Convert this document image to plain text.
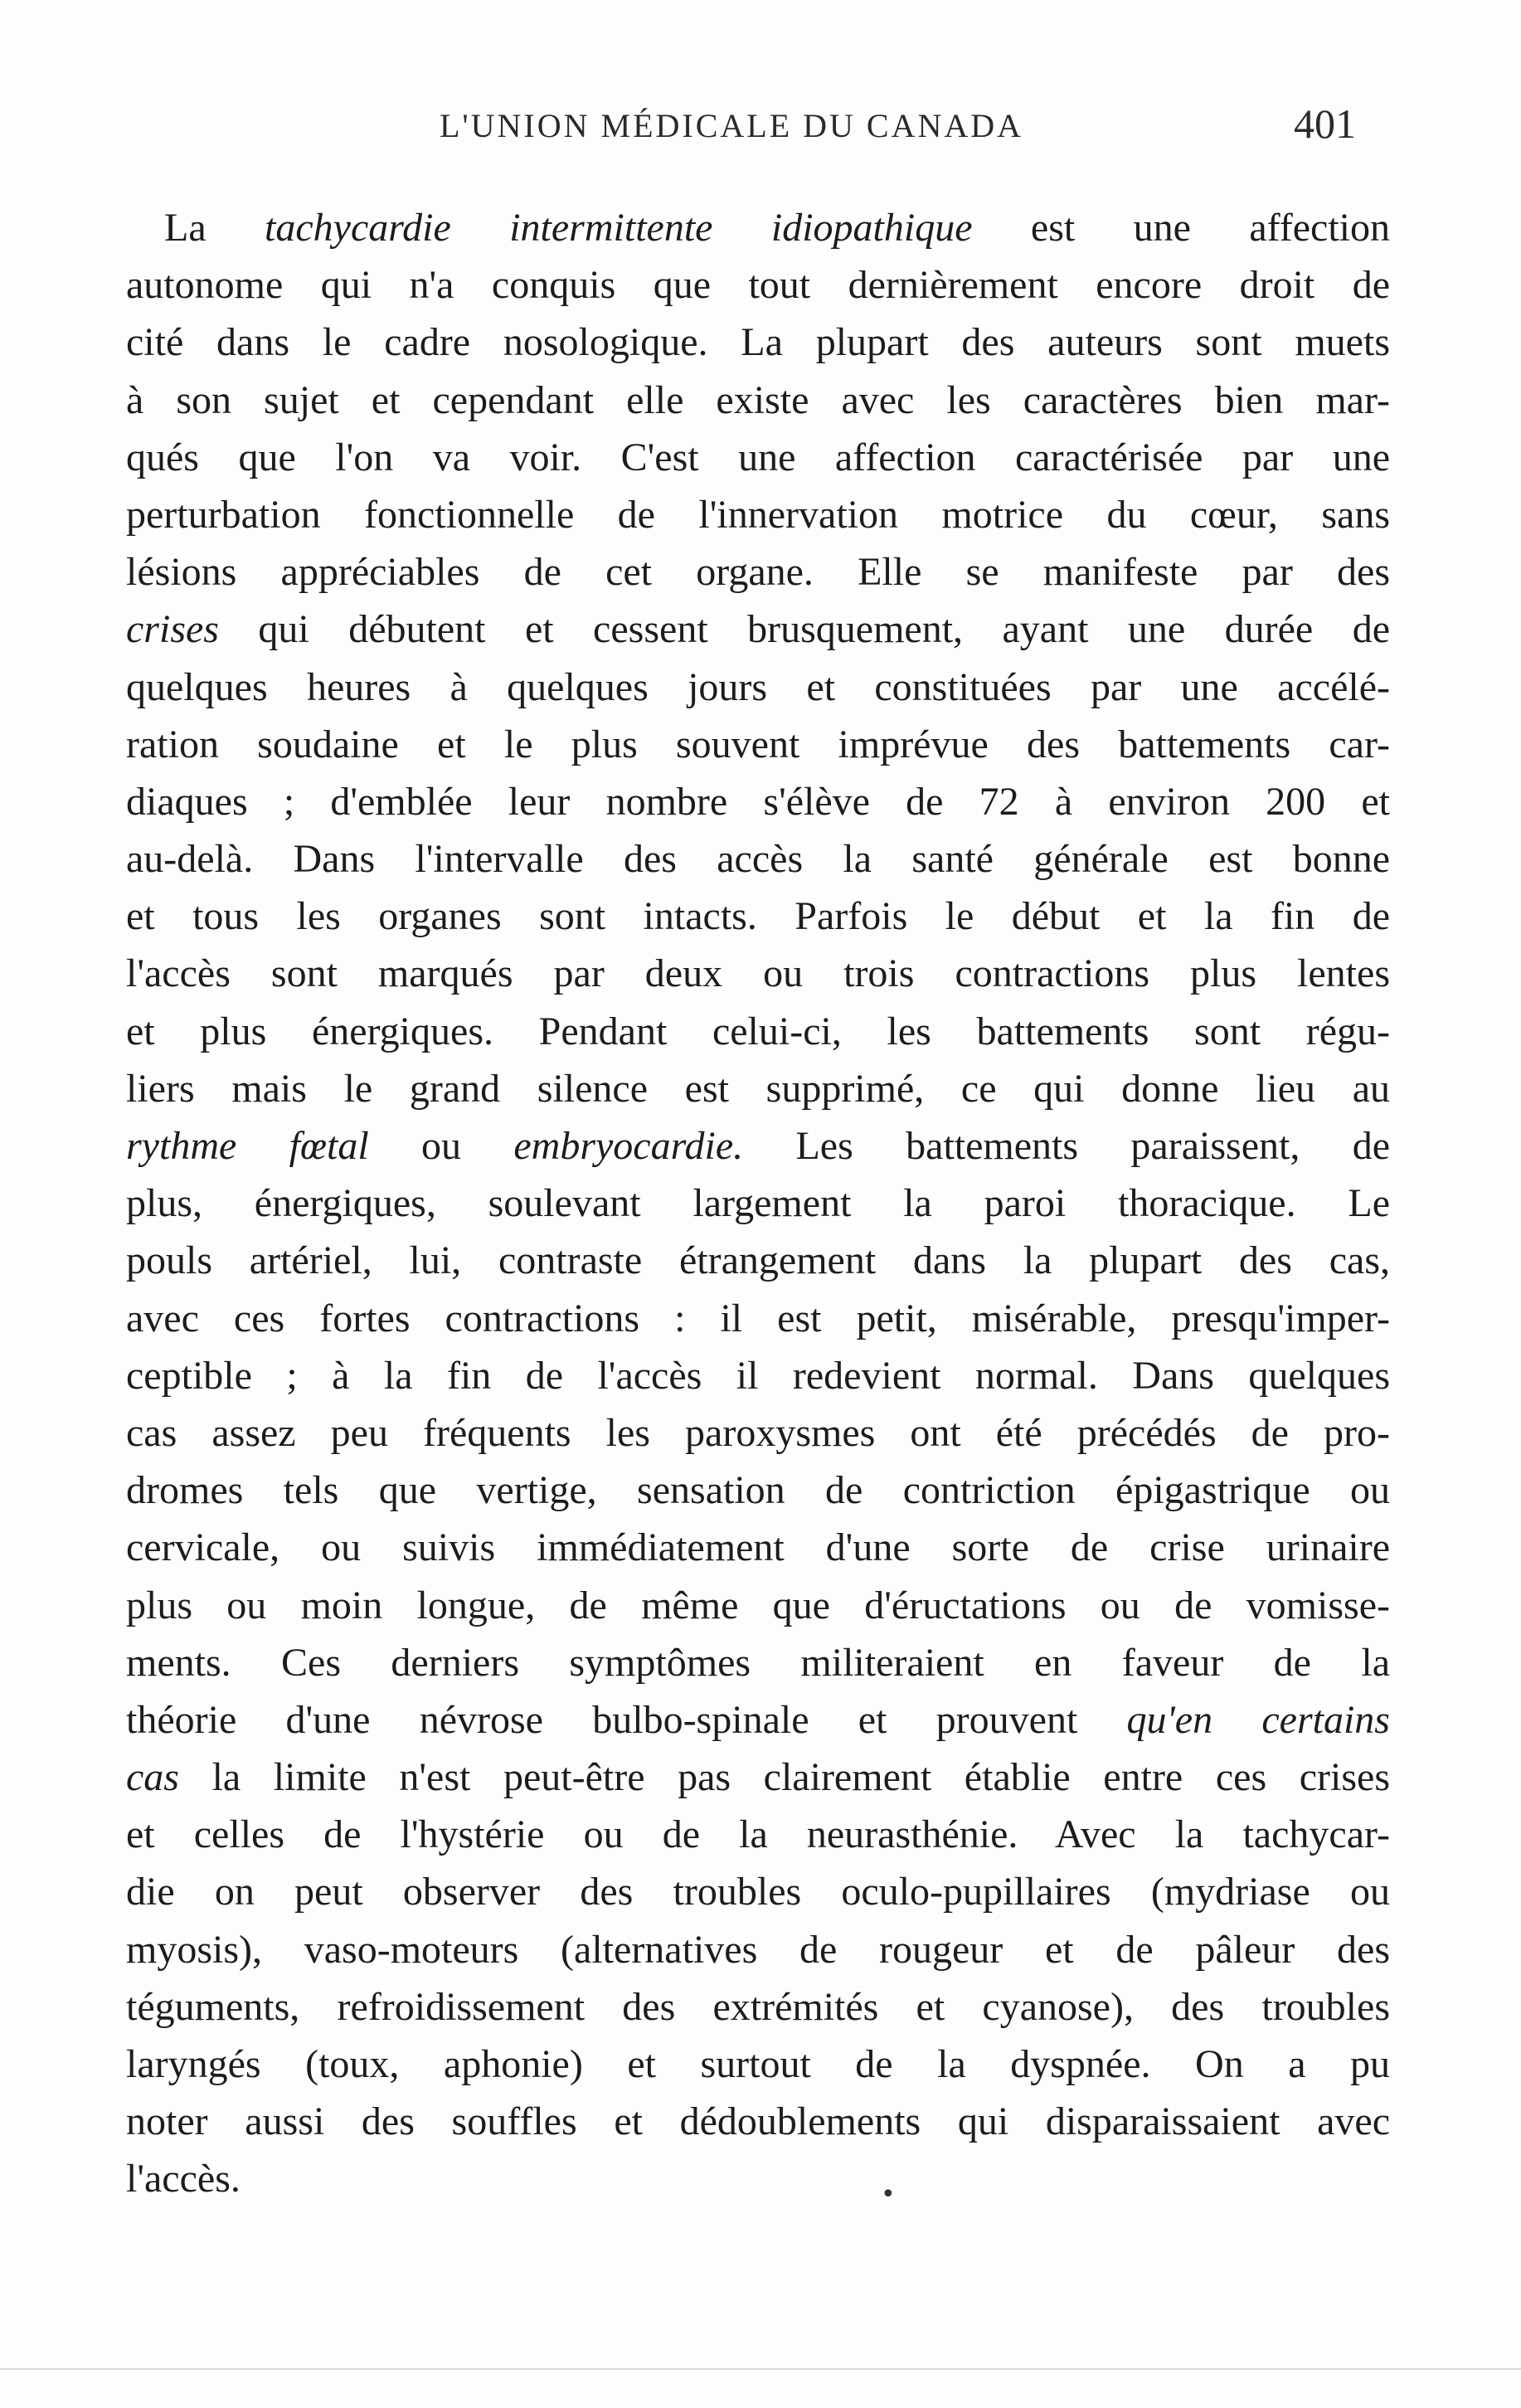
L'UNION MÉDICALE DU CANADA	401
La tachycardie intermittente idiopathique est une affection
autonome qui n'a conquis que tout dernièrement encore droit de
cité dans le cadre nosologique. La plupart des auteurs sont muets
à son sujet et cependant elle existe avec les caractères bien mar-
qués que l'on va voir. C'est une affection caractérisée par une
perturbation fonctionnelle de l'innervation motrice du cœur, sans
lésions appréciables de cet organe. Elle se manifeste par des
crises qui débutent et cessent brusquement, ayant une durée de
quelques heures à quelques jours et constituées par une accélé-
ration soudaine et le plus souvent imprévue des battements car-
diaques ; d'emblée leur nombre s'élève de 72 à environ 200 et
au-delà. Dans l'intervalle des accès la santé générale est bonne
et tous les organes sont intacts. Parfois le début et la fin de
l'accès sont marqués par deux ou trois contractions plus lentes
et plus énergiques. Pendant celui-ci, les battements sont régu-
liers mais le grand silence est supprimé, ce qui donne lieu au
rythme fœtal ou embryocardie. Les battements paraissent, de
plus, énergiques, soulevant largement la paroi thoracique. Le
pouls artériel, lui, contraste étrangement dans la plupart des cas,
avec ces fortes contractions : il est petit, misérable, presqu'imper-
ceptible ; à la fin de l'accès il redevient normal. Dans quelques
cas assez peu fréquents les paroxysmes ont été précédés de pro-
dromes tels que vertige, sensation de contriction épigastrique ou
cervicale, ou suivis immédiatement d'une sorte de crise urinaire
plus ou moin longue, de même que d'éructations ou de vomisse-
ments. Ces derniers symptômes militeraient en faveur de la
théorie d'une névrose bulbo-spinale et prouvent qu'en certains
cas la limite n'est peut-être pas clairement établie entre ces crises
et celles de l'hystérie ou de la neurasthénie. Avec la tachycar-
die on peut observer des troubles oculo-pupillaires (mydriase ou
myosis), vaso-moteurs (alternatives de rougeur et de pâleur des
téguments, refroidissement des extrémités et cyanose), des troubles
laryngés (toux, aphonie) et surtout de la dyspnée. On a pu
noter aussi des souffles et dédoublements qui disparaissaient avec
l'accès.	•
